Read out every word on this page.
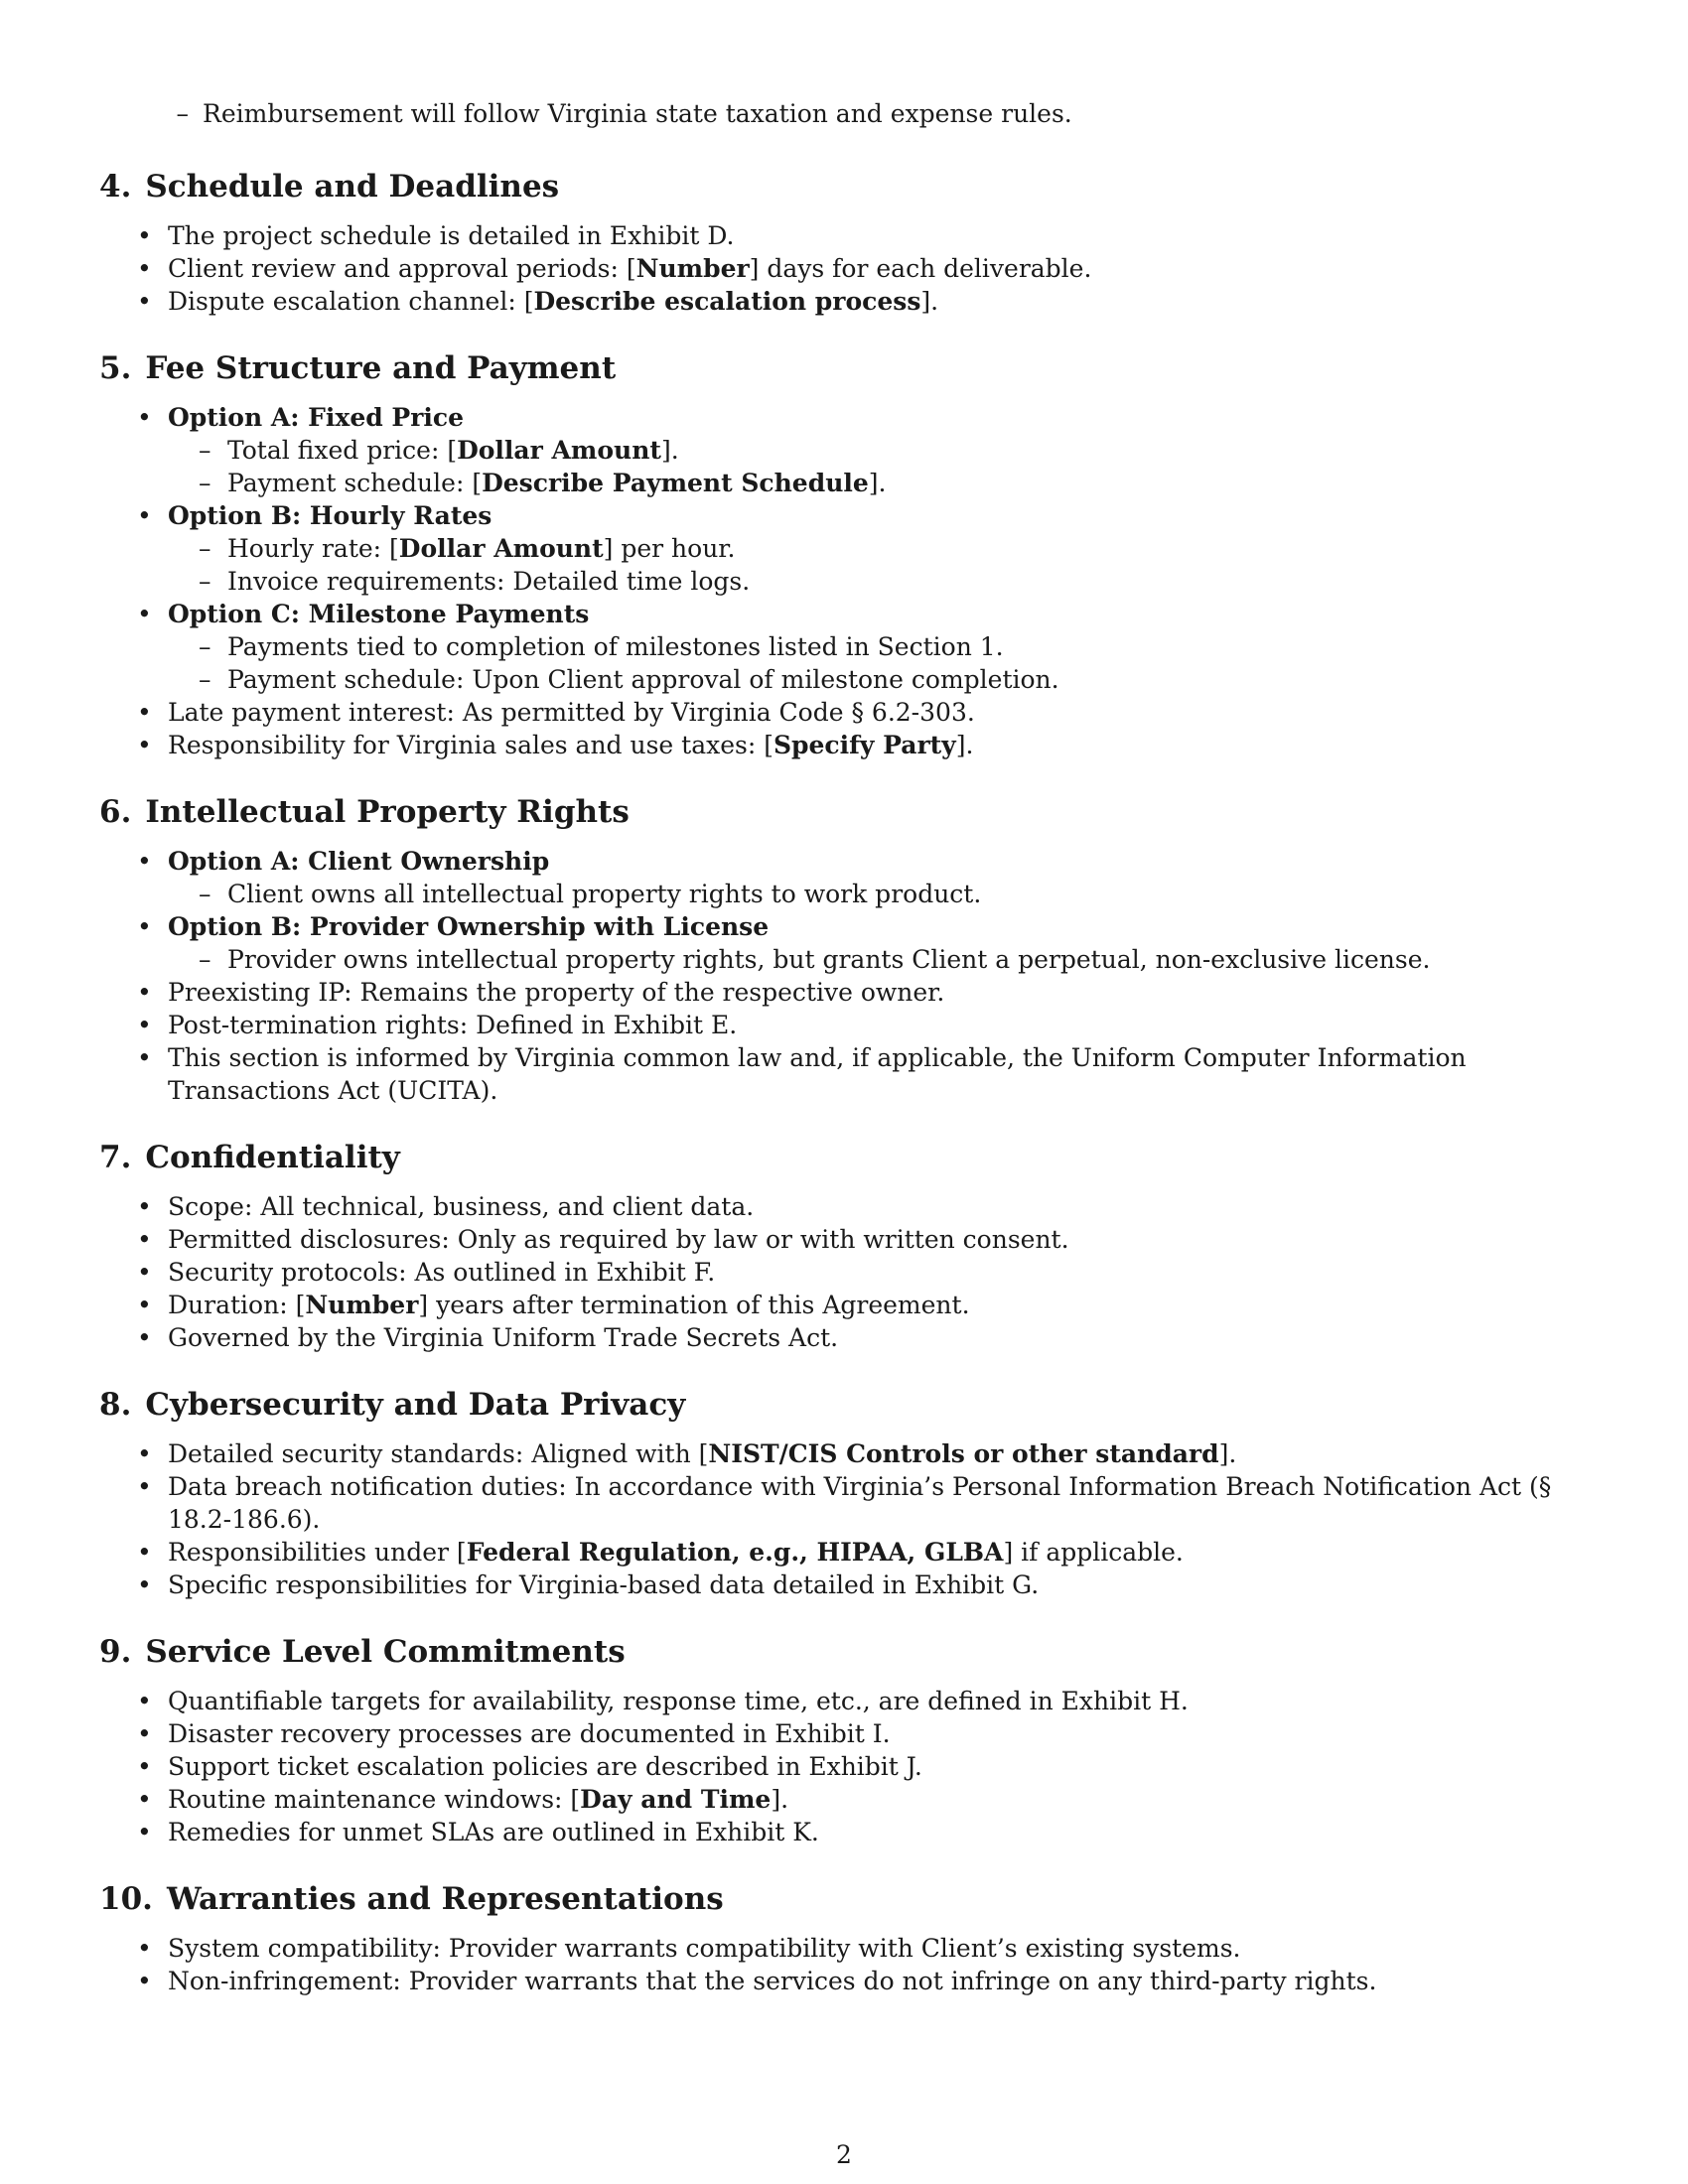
– Reimbursement will follow Virginia state taxation and expense rules.

4. Schedule and Deadlines
• The project schedule is detailed in Exhibit D.
• Client review and approval periods: [Number] days for each deliverable.
• Dispute escalation channel: [Describe escalation process].
5. Fee Structure and Payment
• Option A: Fixed Price
– Total fixed price: [Dollar Amount].
– Payment schedule: [Describe Payment Schedule].
• Option B: Hourly Rates
– Hourly rate: [Dollar Amount] per hour.
– Invoice requirements: Detailed time logs.
• Option C: Milestone Payments
– Payments tied to completion of milestones listed in Section 1.
– Payment schedule: Upon Client approval of milestone completion.
• Late payment interest: As permitted by Virginia Code § 6.2-303.
• Responsibility for Virginia sales and use taxes: [Specify Party].
6. Intellectual Property Rights
• Option A: Client Ownership
– Client owns all intellectual property rights to work product.
• Option B: Provider Ownership with License
– Provider owns intellectual property rights, but grants Client a perpetual, non-exclusive license.
• Preexisting IP: Remains the property of the respective owner.
• Post-termination rights: Defined in Exhibit E.
• This section is informed by Virginia common law and, if applicable, the Uniform Computer Information Transactions Act (UCITA).
7. Confidentiality
• Scope: All technical, business, and client data.
• Permitted disclosures: Only as required by law or with written consent.
• Security protocols: As outlined in Exhibit F.
• Duration: [Number] years after termination of this Agreement.
• Governed by the Virginia Uniform Trade Secrets Act.
8. Cybersecurity and Data Privacy
• Detailed security standards: Aligned with [NIST/CIS Controls or other standard].
• Data breach notification duties: In accordance with Virginia’s Personal Information Breach Notification Act (§ 18.2-186.6).
• Responsibilities under [Federal Regulation, e.g., HIPAA, GLBA] if applicable.
• Specific responsibilities for Virginia-based data detailed in Exhibit G.
9. Service Level Commitments
• Quantifiable targets for availability, response time, etc., are defined in Exhibit H.
• Disaster recovery processes are documented in Exhibit I.
• Support ticket escalation policies are described in Exhibit J.
• Routine maintenance windows: [Day and Time].
• Remedies for unmet SLAs are outlined in Exhibit K.
10. Warranties and Representations
• System compatibility: Provider warrants compatibility with Client’s existing systems.
• Non-infringement: Provider warrants that the services do not infringe on any third-party rights.
2
